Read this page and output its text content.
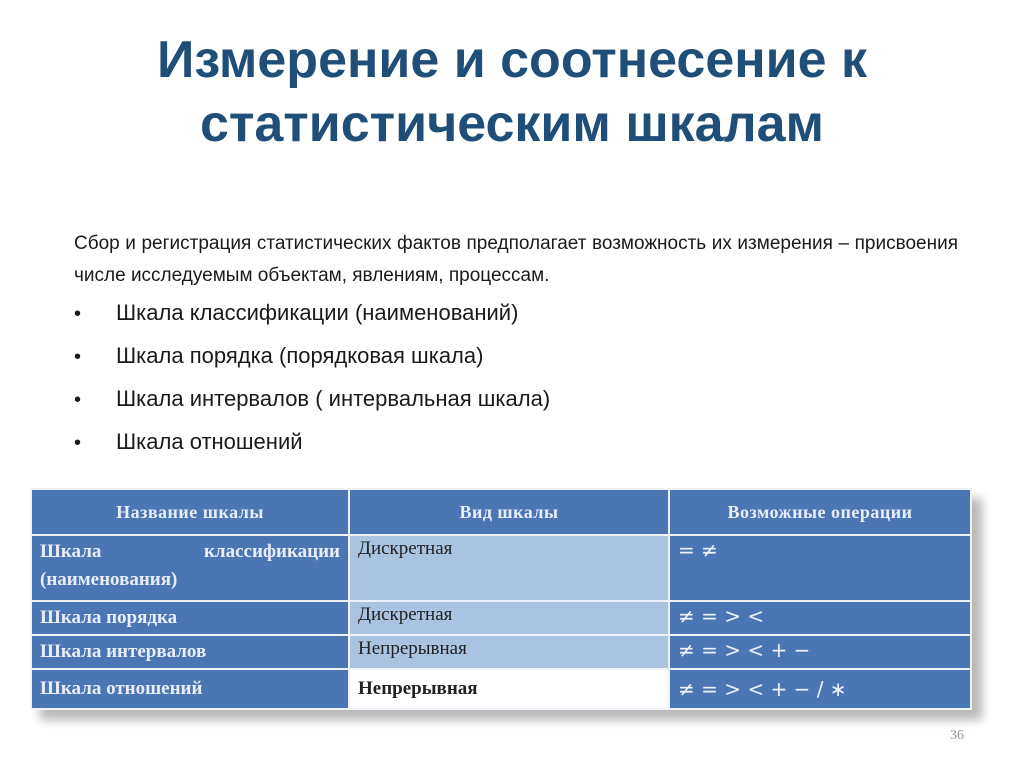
Измерение и соотнесение к
статистическим шкалам
Сбор и регистрация статистических фактов предполагает возможность их измерения – присвоения числе исследуемым объектам, явлениям, процессам.
•	Шкала классификации (наименований)
•	Шкала порядка (порядковая шкала)
•	Шкала интервалов ( интервальная шкала)
•	Шкала отношений
Название шкалы	Вид шкалы	Возможные операции

Шкала классификации
(наименования)	Дискретная	= ≠
Шкала порядка	Дискретная	≠ = > <
Шкала интервалов	Непрерывная	≠ = > < + −
Шкала отношений	Непрерывная	≠ = > < + − / ∗
36
